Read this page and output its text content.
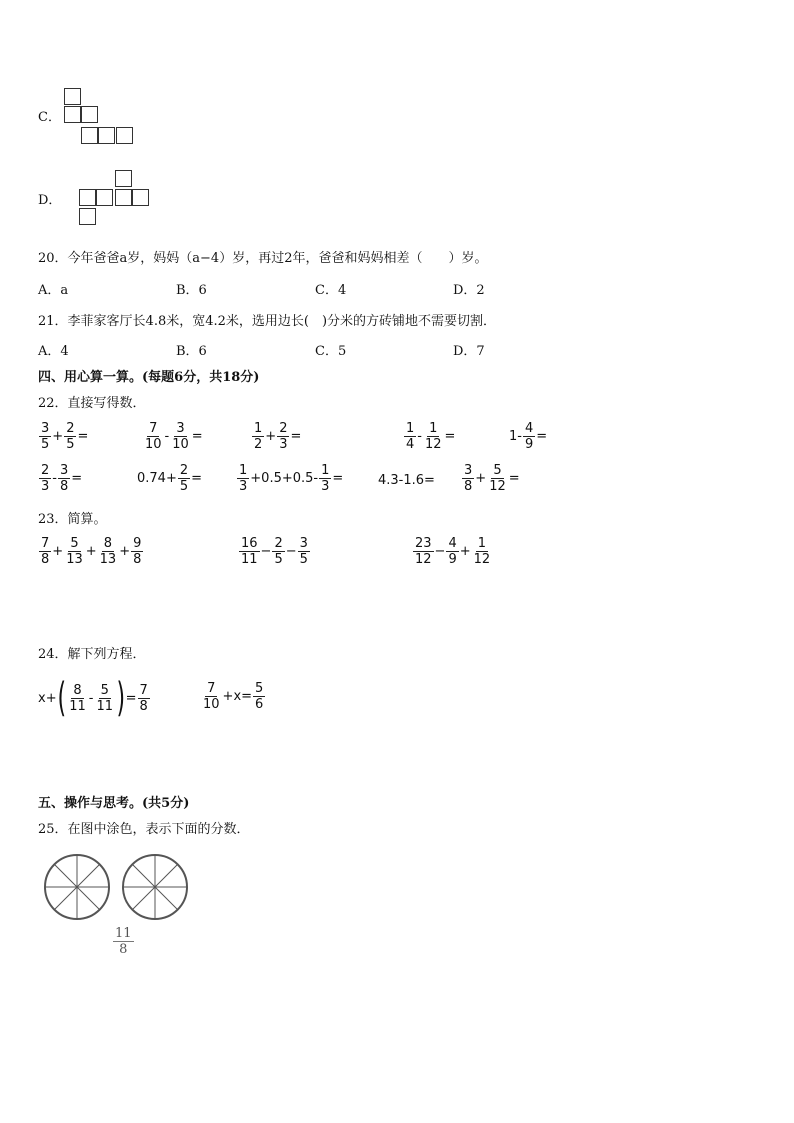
C．
D．
20．今年爸爸a岁，妈妈（a−4）岁，再过2年，爸爸和妈妈相差（　　）岁。
A．a	B．6	C．4	D．2
21．李菲家客厅长4.8米，宽4.2米，选用边长(　)分米的方砖铺地不需要切割．
A．4	B．6	C．5	D．7
四、用心算一算。(每题6分，共18分)
22．直接写得数．
$\frac{3}{5} + \frac{2}{5}$ =	$\frac{7}{10} - \frac{3}{10}$ =	$\frac{1}{2} + \frac{2}{3}$ =	$\frac{1}{4} - \frac{1}{12}$ =	$1- \frac{4}{9}$ =
$\frac{2}{3} - \frac{3}{8}$ =	$0.74+ \frac{2}{5}$ =	$\frac{1}{3} +0.5+0.5- \frac{1}{3}$ =	$4.3-1.6= \frac{3}{8} + \frac{5}{12}$ =
23．简算。
$\frac{7}{8} + \frac{5}{13} + \frac{8}{13} + \frac{9}{8}$	$\frac{16}{11} - \frac{2}{5} - \frac{3}{5}$	$\frac{23}{12} - \frac{4}{9} + \frac{1}{12}$
24．解下列方程．
x+ ( $\frac{8}{11} - \frac{5}{11}$ ) = $\frac{7}{8}$	$\frac{7}{10} +x= \frac{5}{6}$
五、操作与思考。(共5分)
25．在图中涂色，表示下面的分数．
$\frac{11}{8}$
